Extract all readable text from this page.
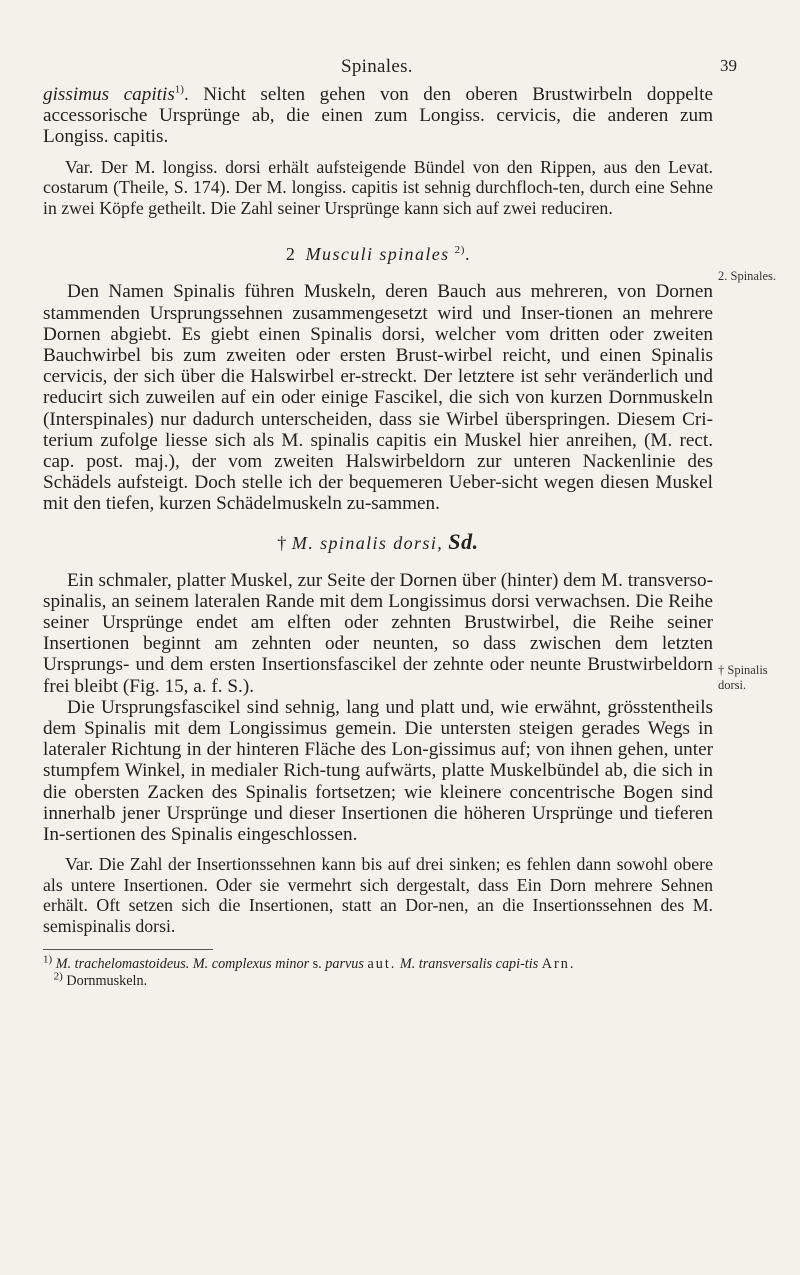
Spinales.	39
2. Spinales.
† Spinalis
dorsi.

gissimus capitis$^{1)}$. Nicht selten gehen von den oberen Brustwirbeln doppelte accessorische Ursprünge ab, die einen zum Longiss. cervicis, die anderen zum Longiss. capitis.

Var. Der M. longiss. dorsi erhält aufsteigende Bündel von den Rippen, aus den Levat. costarum (Theile, S. 174). Der M. longiss. capitis ist sehnig durchfloch-ten, durch eine Sehne in zwei Köpfe getheilt. Die Zahl seiner Ursprünge kann sich auf zwei reduciren.

2 Musculi spinales $^{2)}$.

Den Namen Spinalis führen Muskeln, deren Bauch aus mehreren, von Dornen stammenden Ursprungssehnen zusammengesetzt wird und Inser-tionen an mehrere Dornen abgiebt. Es giebt einen Spinalis dorsi, welcher vom dritten oder zweiten Bauchwirbel bis zum zweiten oder ersten Brust-wirbel reicht, und einen Spinalis cervicis, der sich über die Halswirbel er-streckt. Der letztere ist sehr veränderlich und reducirt sich zuweilen auf ein oder einige Fascikel, die sich von kurzen Dornmuskeln (Interspinales) nur dadurch unterscheiden, dass sie Wirbel überspringen. Diesem Cri-terium zufolge liesse sich als M. spinalis capitis ein Muskel hier anreihen, (M. rect. cap. post. maj.), der vom zweiten Halswirbeldorn zur unteren Nackenlinie des Schädels aufsteigt. Doch stelle ich der bequemeren Ueber-sicht wegen diesen Muskel mit den tiefen, kurzen Schädelmuskeln zu-sammen.

† M. spinalis dorsi, Sd.

Ein schmaler, platter Muskel, zur Seite der Dornen über (hinter) dem M. transverso-spinalis, an seinem lateralen Rande mit dem Longissimus dorsi verwachsen. Die Reihe seiner Ursprünge endet am elften oder zehnten Brustwirbel, die Reihe seiner Insertionen beginnt am zehnten oder neunten, so dass zwischen dem letzten Ursprungs- und dem ersten Insertionsfascikel der zehnte oder neunte Brustwirbeldorn frei bleibt (Fig. 15, a. f. S.).

Die Ursprungsfascikel sind sehnig, lang und platt und, wie erwähnt, grösstentheils dem Spinalis mit dem Longissimus gemein. Die untersten steigen gerades Wegs in lateraler Richtung in der hinteren Fläche des Lon-gissimus auf; von ihnen gehen, unter stumpfem Winkel, in medialer Rich-tung aufwärts, platte Muskelbündel ab, die sich in die obersten Zacken des Spinalis fortsetzen; wie kleinere concentrische Bogen sind innerhalb jener Ursprünge und dieser Insertionen die höheren Ursprünge und tieferen In-sertionen des Spinalis eingeschlossen.

Var. Die Zahl der Insertionssehnen kann bis auf drei sinken; es fehlen dann sowohl obere als untere Insertionen. Oder sie vermehrt sich dergestalt, dass Ein Dorn mehrere Sehnen erhält. Oft setzen sich die Insertionen, statt an Dor-nen, an die Insertionssehnen des M. semispinalis dorsi.

$^{1)}$ M. trachelomastoideus. M. complexus minor s. parvus aut. M. transversalis capi-tis Arn.

$^{2)}$ Dornmuskeln.
